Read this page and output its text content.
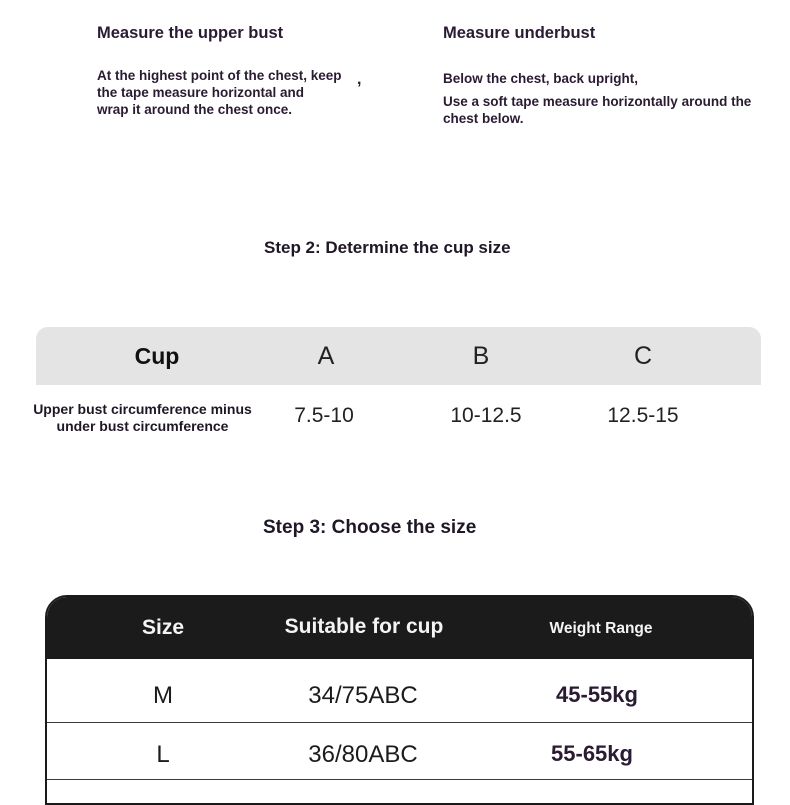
Measure the upper bust
At the highest point of the chest, keep
the tape measure horizontal and
wrap it around the chest once.
,
Measure underbust
Below the chest, back upright,
Use a soft tape measure horizontally around the
chest below.
Step 2: Determine the cup size
Cup	A	B	C
Upper bust circumference minus
under bust circumference	7.5-10	10-12.5	12.5-15
Step 3: Choose the size
Size	Suitable for cup	Weight Range
M	34/75ABC	45-55kg
L	36/80ABC	55-65kg
